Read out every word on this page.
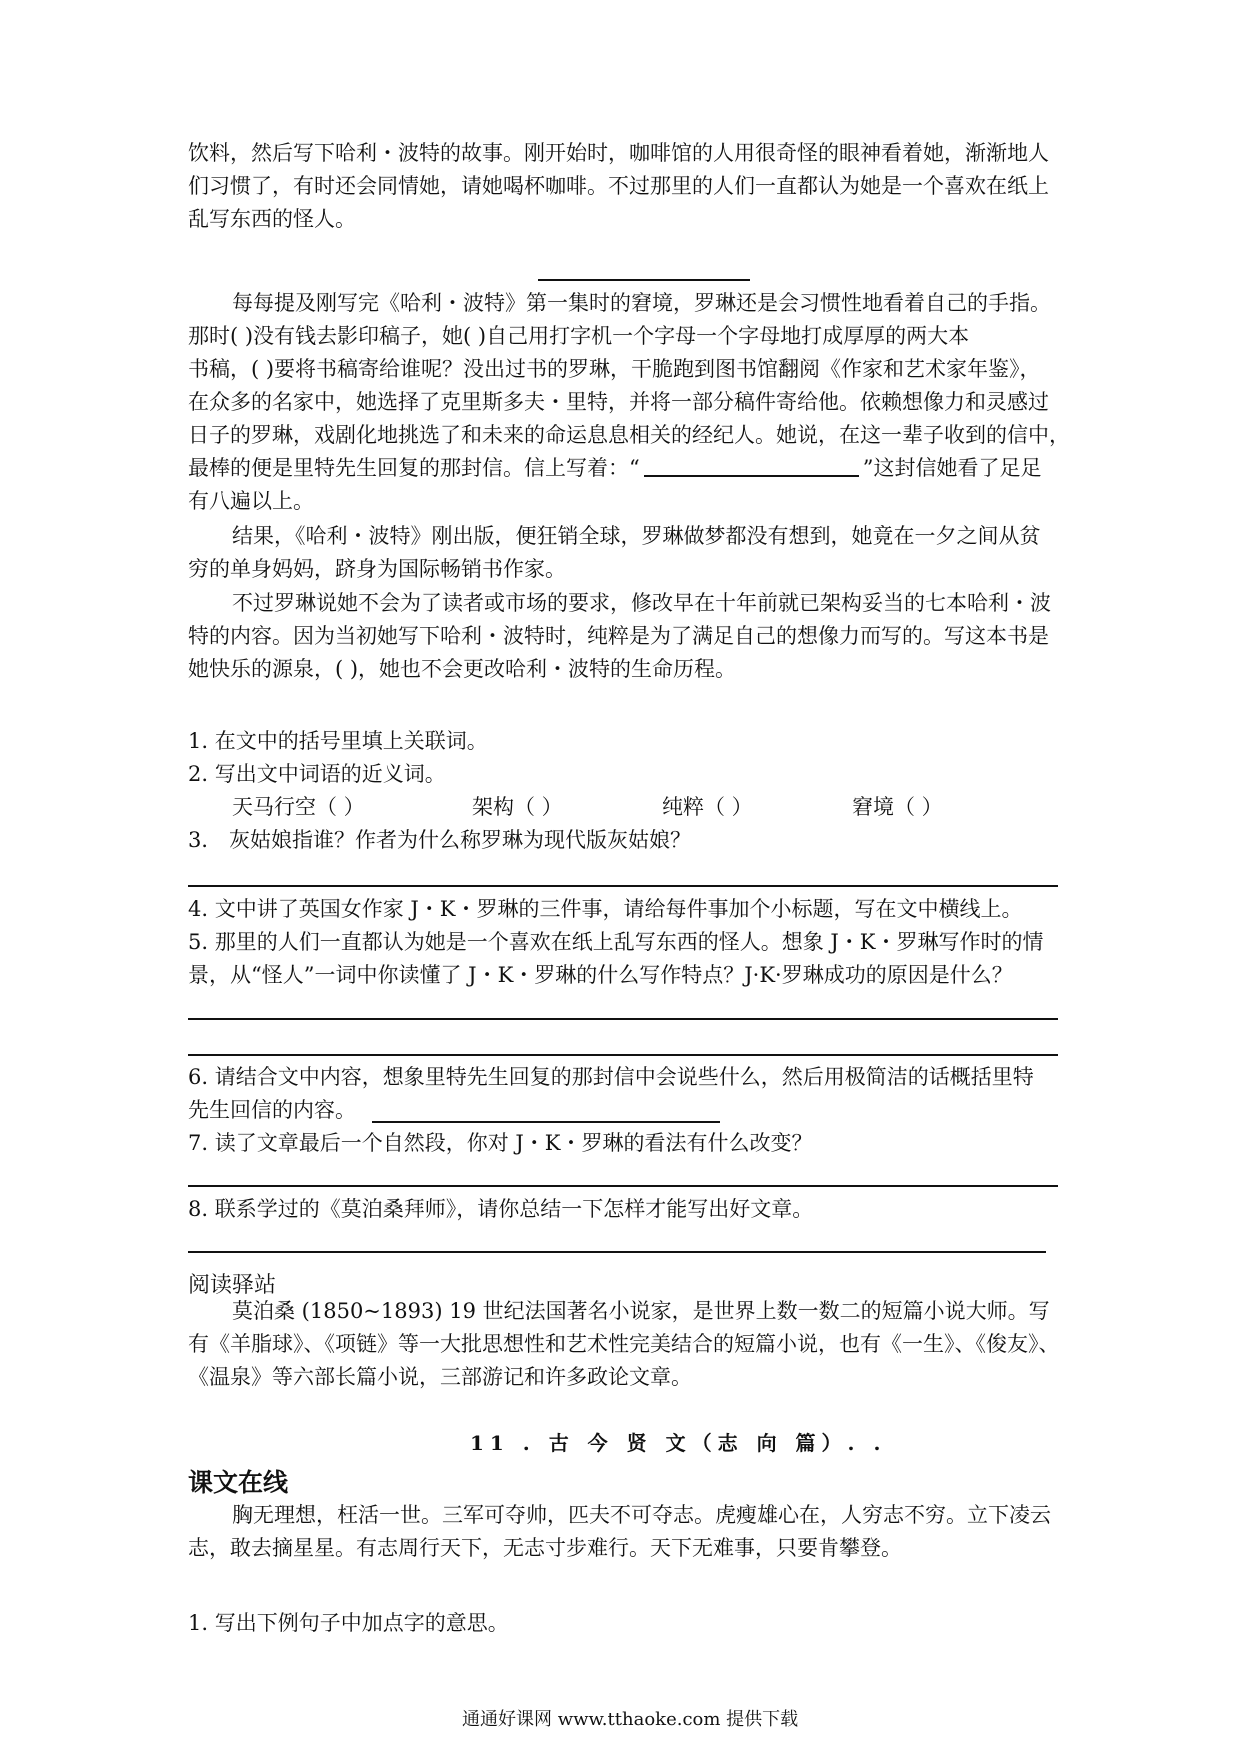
饮料，然后写下哈利・波特的故事。刚开始时，咖啡馆的人用很奇怪的眼神看着她，渐渐地人
们习惯了，有时还会同情她，请她喝杯咖啡。不过那里的人们一直都认为她是一个喜欢在纸上
乱写东西的怪人。
每每提及刚写完《哈利・波特》第一集时的窘境，罗琳还是会习惯性地看着自己的手指。
那时( )没有钱去影印稿子，她( )自己用打字机一个字母一个字母地打成厚厚的两大本
书稿，( )要将书稿寄给谁呢？没出过书的罗琳，干脆跑到图书馆翻阅《作家和艺术家年鉴》，
在众多的名家中，她选择了克里斯多夫・里特，并将一部分稿件寄给他。依赖想像力和灵感过
日子的罗琳，戏剧化地挑选了和未来的命运息息相关的经纪人。她说，在这一辈子收到的信中，
最棒的便是里特先生回复的那封信。信上写着：“	”这封信她看了足足
有八遍以上。
结果，《哈利・波特》刚出版，便狂销全球，罗琳做梦都没有想到，她竟在一夕之间从贫
穷的单身妈妈，跻身为国际畅销书作家。
不过罗琳说她不会为了读者或市场的要求，修改早在十年前就已架构妥当的七本哈利・波
特的内容。因为当初她写下哈利・波特时，纯粹是为了满足自己的想像力而写的。写这本书是
她快乐的源泉，( )，她也不会更改哈利・波特的生命历程。
1. 在文中的括号里填上关联词。
2. 写出文中词语的近义词。
天马行空（ ）	架构（ ）	纯粹（ ）	窘境（ ）
3． 灰姑娘指谁？作者为什么称罗琳为现代版灰姑娘？
4. 文中讲了英国女作家 J・K・罗琳的三件事，请给每件事加个小标题，写在文中横线上。
5. 那里的人们一直都认为她是一个喜欢在纸上乱写东西的怪人。想象 J・K・罗琳写作时的情
景，从“怪人”一词中你读懂了 J・K・罗琳的什么写作特点？J·K·罗琳成功的原因是什么？
6. 请结合文中内容，想象里特先生回复的那封信中会说些什么，然后用极简洁的话概括里特
先生回信的内容。
7. 读了文章最后一个自然段，你对 J・K・罗琳的看法有什么改变？
8. 联系学过的《莫泊桑拜师》，请你总结一下怎样才能写出好文章。
阅读驿站
莫泊桑 (1850~1893) 19 世纪法国著名小说家，是世界上数一数二的短篇小说大师。写
有《羊脂球》、《项链》等一大批思想性和艺术性完美结合的短篇小说，也有《一生》、《俊友》、
《温泉》等六部长篇小说，三部游记和许多政论文章。
11 . 古 今 贤 文（志 向 篇）. .
课文在线
胸无理想，枉活一世。三军可夺帅，匹夫不可夺志。虎瘦雄心在，人穷志不穷。立下凌云
志，敢去摘星星。有志周行天下，无志寸步难行。天下无难事，只要肯攀登。
1. 写出下例句子中加点字的意思。
通通好课网 www.tthaoke.com 提供下载
